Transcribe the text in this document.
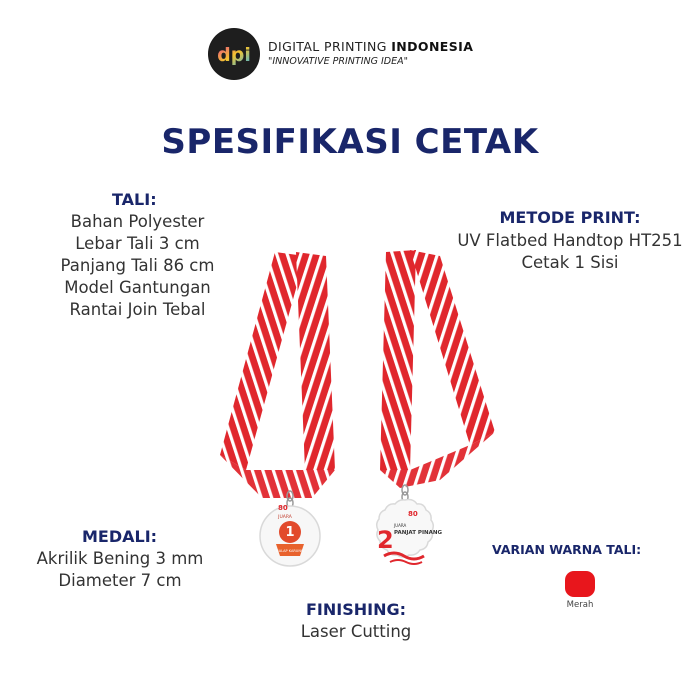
dpi DIGITAL PRINTING INDONESIA
"INNOVATIVE PRINTING IDEA"
SPESIFIKASI CETAK
1
JUARA
BALAP KARUNG
80
2
JUARA
PANJAT PINANG
80
TALI:
Bahan Polyester
Lebar Tali 3 cm
Panjang Tali 86 cm
Model Gantungan
Rantai Join Tebal
METODE PRINT:
UV Flatbed Handtop HT251
Cetak 1 Sisi
MEDALI:
Akrilik Bening 3 mm
Diameter 7 cm
FINISHING:
Laser Cutting
VARIAN WARNA TALI:
Merah
